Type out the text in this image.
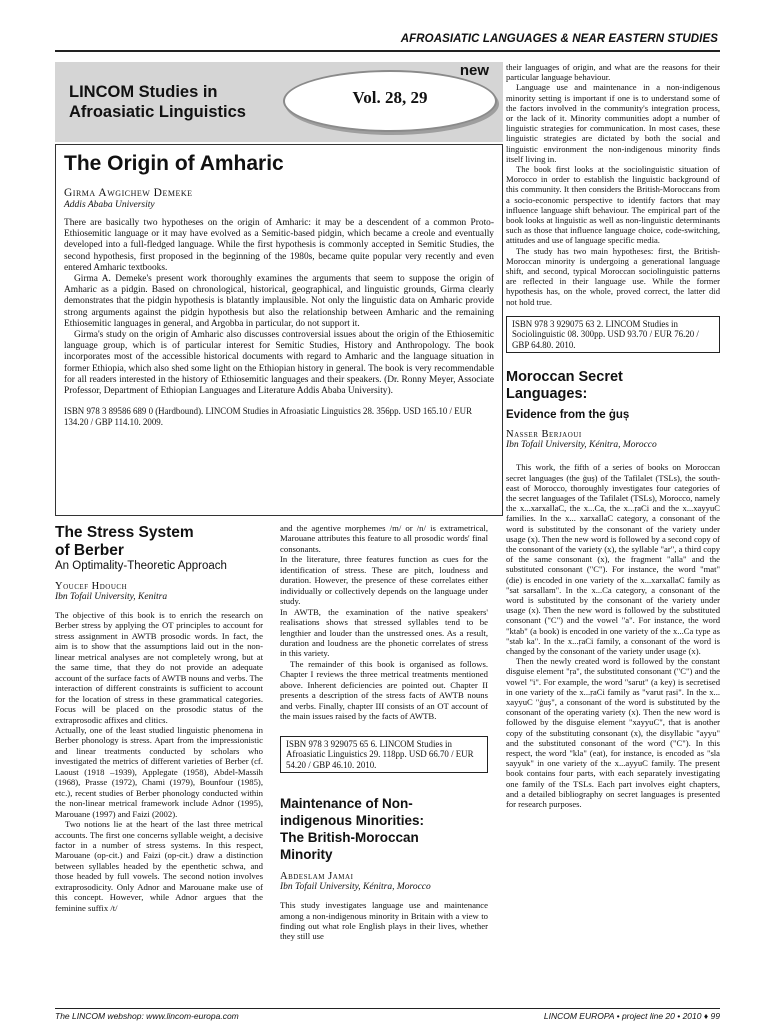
AFROASIATIC LANGUAGES & NEAR EASTERN STUDIES
LINCOM Studies in
Afroasiatic Linguistics
Vol. 28, 29
new
The Origin of Amharic
Girma Awgichew Demeke
Addis Ababa University

There are basically two hypotheses on the origin of Amharic: it may be a descendent of a common Proto-Ethiosemitic language or it may have evolved as a Semitic-based pidgin, which became a creole and eventually developed into a full-fledged language. While the first hypothesis is commonly accepted in Semitic Studies, the second hypothesis, first proposed in the beginning of the 1980s, became quite popular very recently and even entered Amharic textbooks.

Girma A. Demeke's present work thoroughly examines the arguments that seem to suppose the origin of Amharic as a pidgin. Based on chronological, historical, geographical, and linguistic grounds, Girma clearly demonstrates that the pidgin hypothesis is blatantly implausible. Not only the linguistic data on Amharic provide strong arguments against the pidgin hypothesis but also the relationship between Amharic and the remaining Ethiosemitic languages in general, and Argobba in particular, do not support it.

Girma's study on the origin of Amharic also discusses controversial issues about the origin of the Ethiosemitic language group, which is of particular interest for Semitic Studies, History and Anthropology. The book incorporates most of the accessible historical documents with regard to Amharic and the language situation in former Ethiopia, which also shed some light on the Ethiopian history in general. The book is very recommendable for all readers interested in the history of Ethiosemitic languages and their speakers. (Dr. Ronny Meyer, Associate Professor, Department of Ethiopian Languages and Literature Addis Ababa University).

ISBN 978 3 89586 689 0 (Hardbound). LINCOM Studies in Afroasiatic Linguistics 28. 356pp. USD 165.10 / EUR 134.20 / GBP 114.10. 2009.
The Stress System
of Berber
An Optimality-Theoretic Approach
Youcef Hdouch
Ibn Tofail University, Kenitra

The objective of this book is to enrich the research on Berber stress by applying the OT principles to account for stress assignment in AWTB prosodic words. In fact, the aim is to show that the assumptions laid out in the non-linear metrical analyses are not completely wrong, but at the same time, that they do not provide an adequate account of the surface facts of AWTB nouns and verbs. The interaction of different constraints is sufficient to account for the location of stress in these grammatical categories. Focus will be placed on the prosodic status of the extraprosodic affixes and clitics.

Actually, one of the least studied linguistic phenomena in Berber phonology is stress. Apart from the impressionistic and linear treatments conducted by scholars who investigated the metrics of different varieties of Berber (cf. Laoust (1918 –1939), Applegate (1958), Abdel-Massih (1968), Prasse (1972), Chami (1979), Bounfour (1985), etc.), recent studies of Berber phonology conducted within the non-linear metrical framework include Adnor (1995), Marouane (1997) and Faizi (2002).

Two notions lie at the heart of the last three metrical accounts. The first one concerns syllable weight, a decisive factor in a number of stress systems. In this respect, Marouane (op-cit.) and Faizi (op-cit.) draw a distinction between syllables headed by the epenthetic schwa, and those headed by full vowels. The second notion involves extraprosodicity. Only Adnor and Marouane make use of this concept. However, while Adnor argues that the feminine suffix /t/

and the agentive morphemes /m/ or /n/ is extrametrical, Marouane attributes this feature to all prosodic words' final consonants.

In the literature, three features function as cues for the identification of stress. These are pitch, loudness and duration. However, the presence of these correlates either individually or collectively depends on the language under study.

In AWTB, the examination of the native speakers' realisations shows that stressed syllables tend to be lengthier and louder than the unstressed ones. As a result, duration and loudness are the phonetic correlates of stress in this variety.

The remainder of this book is organised as follows. Chapter I reviews the three metrical treatments mentioned above. Inherent deficiencies are pointed out. Chapter II presents a description of the stress facts of AWTB nouns and verbs. Finally, chapter III consists of an OT account of the main issues raised by the facts of AWTB.

ISBN 978 3 929075 65 6. LINCOM Studies in Afroasiatic Linguistics 29. 118pp. USD 66.70 / EUR 54.20 / GBP 46.10. 2010.
Maintenance of Non-
indigenous Minorities:
The British-Moroccan
Minority
Abdeslam Jamai
Ibn Tofail University, Kénitra, Morocco

This study investigates language use and maintenance among a non-indigenous minority in Britain with a view to finding out what role English plays in their lives, whether they still use

their languages of origin, and what are the reasons for their particular language behaviour.

Language use and maintenance in a non-indigenous minority setting is important if one is to understand some of the factors involved in the community's integration process, or the lack of it. Minority communities adopt a number of linguistic strategies for communication. In most cases, these linguistic strategies are dictated by both the social and linguistic environment the non-indigenous minority finds itself living in.

The book first looks at the sociolinguistic situation of Morocco in order to establish the linguistic background of this community. It then considers the British-Moroccans from a socio-economic perspective to identify factors that may influence language shift behaviour. The empirical part of the book looks at linguistic as well as non-linguistic determinants such as those that influence language choice, code-switching, attitudes and use of language specific media.

The study has two main hypotheses: first, the British-Moroccan minority is undergoing a generational language shift, and second, typical Moroccan sociolinguistic patterns are reflected in their language use. While the former hypothesis has, on the whole, proved correct, the latter did not hold true.

ISBN 978 3 929075 63 2. LINCOM Studies in Sociolinguistic 08. 300pp. USD 93.70 / EUR 76.20 / GBP 64.80. 2010.
Moroccan Secret
Languages:
Evidence from the ġuș
Nasser Berjaoui
Ibn Tofail University, Kénitra, Morocco

This work, the fifth of a series of books on Moroccan secret languages (the ġuș) of the Tafilalet (TSLs), the south-east of Morocco, thoroughly investigates four categories of the secret languages of the Tafilalet (TSLs), Morocco, namely the x...xarxallaC, the x...Ca, the x...ṛaCi and the x...xayyuC families. In the x... xarxallaC category, a consonant of the word is substituted by the consonant of the variety under usage (x). Then the new word is followed by a second copy of the consonant of the variety (x), the syllable "ar", a third copy of the same consonant (x), the fragment "alla" and the substituted consonant ("C"). For instance, the word "mat" (die) is encoded in one variety of the x...xarxallaC family as "sat sarsallam". In the x...Ca category, a consonant of the word is substituted by the consonant of the variety under usage (x). Then the new word is followed by the substituted consonant ("C") and the vowel "a". For instance, the word "ktab" (a book) is encoded in one variety of the x...Ca type as "stab ka". In the x...ṛaCi family, a consonant of the word is changed by the consonant of the variety under usage (x).

Then the newly created word is followed by the constant disguise element "ṛa", the substituted consonant ("C") and the vowel "i". For example, the word "sarut" (a key) is secretised in one variety of the x...ṛaCi family as "varut ṛasi". In the x... xayyuC "ġuș", a consonant of the word is substituted by the consonant of the operating variety (x). Then the new word is followed by the disguise element "xayyuC", that is another copy of the substituting consonant (x), the disyllabic "ayyu" and the substituted consonant of the word ("C"). In this respect, the word "kla" (eat), for instance, is encoded as "sla sayyuk" in one variety of the x...ayyuC family. The present book contains four parts, with each separately investigating one family of the TSLs. Each part involves eight chapters, and a detailed bibliography on secret languages is presented for research purposes.

The LINCOM webshop: www.lincom-europa.com	LINCOM EUROPA • project line 20 • 2010 ♦ 99
